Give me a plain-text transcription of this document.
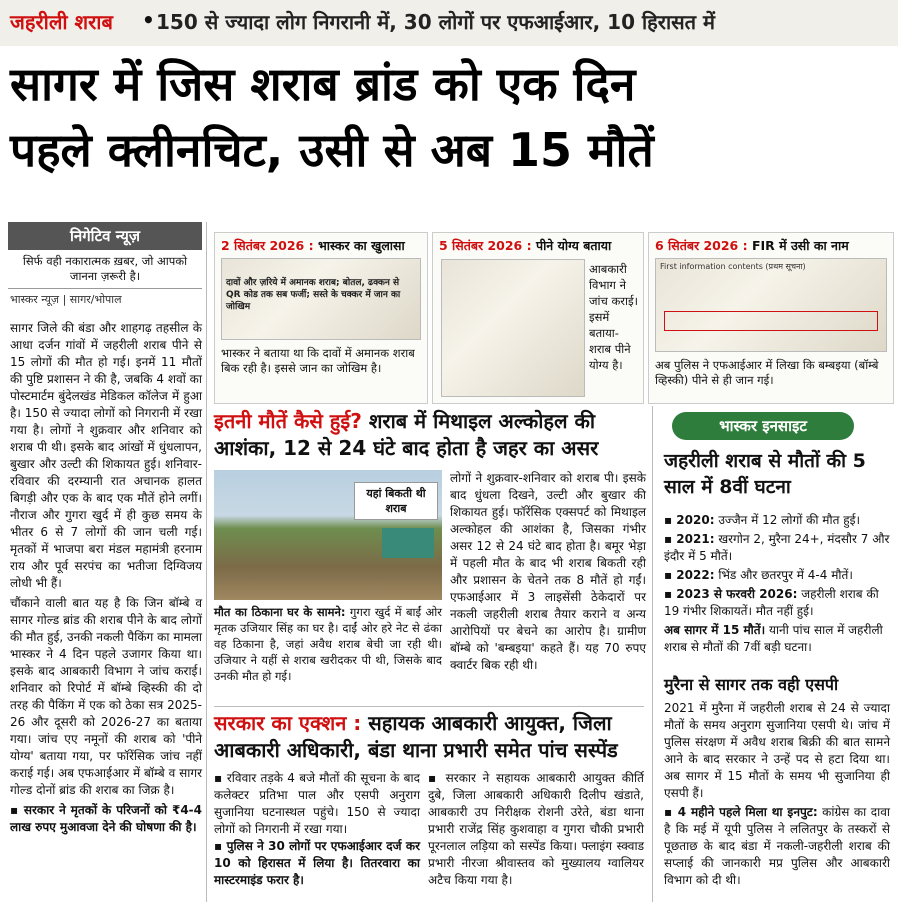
जहरीली शराब • 150 से ज्यादा लोग निगरानी में, 30 लोगों पर एफआईआर, 10 हिरासत में
सागर में जिस शराब ब्रांड को एक दिन
पहले क्लीनचिट, उसी से अब 15 मौतें
निगेटिव न्यूज़
सिर्फ वही नकारात्मक ख़बर, जो आपको जानना ज़रूरी है।
भास्कर न्यूज़ | सागर/भोपाल

सागर जिले की बंडा और शाहगढ़ तहसील के आधा दर्जन गांवों में जहरीली शराब पीने से 15 लोगों की मौत हो गई। इनमें 11 मौतों की पुष्टि प्रशासन ने की है, जबकि 4 शवों का पोस्टमार्टम बुंदेलखंड मेडिकल कॉलेज में हुआ है। 150 से ज्यादा लोगों को निगरानी में रखा गया है। लोगों ने शुक्रवार और शनिवार को शराब पी थी। इसके बाद आंखों में धुंधलापन, बुखार और उल्टी की शिकायत हुई। शनिवार-रविवार की दरम्यानी रात अचानक हालत बिगड़ी और एक के बाद एक मौतें होने लगीं। नौराज और गुगरा खुर्द में ही कुछ समय के भीतर 6 से 7 लोगों की जान चली गई। मृतकों में भाजपा बरा मंडल महामंत्री हरनाम राय और पूर्व सरपंच का भतीजा दिग्विजय लोधी भी हैं।

चौंकाने वाली बात यह है कि जिन बॉम्बे व सागर गोल्ड ब्रांड की शराब पीने के बाद लोगों की मौत हुई, उनकी नकली पैकिंग का मामला भास्कर ने 4 दिन पहले उजागर किया था। इसके बाद आबकारी विभाग ने जांच कराई। शनिवार को रिपोर्ट में बॉम्बे व्हिस्की की दो तरह की पैकिंग में एक को ठेका सत्र 2025-26 और दूसरी को 2026-27 का बताया गया। जांच एए नमूनों की शराब को 'पीने योग्य' बताया गया, पर फॉरेंसिक जांच नहीं कराई गई। अब एफआईआर में बॉम्बे व सागर गोल्ड दोनों ब्रांड की शराब का जिक्र है।

▪ सरकार ने मृतकों के परिजनों को ₹4-4 लाख रुपए मुआवजा देने की घोषणा की है।

2 सितंबर 2026 : भास्कर का खुलासा
दावों और ज़रिये में अमानक शराब; बोतल, ढक्कन से QR कोड तक सब फर्जी; सस्ते के चक्कर में जान का जोखिम
भास्कर ने बताया था कि दावों में अमानक शराब बिक रही है। इससे जान का जोखिम है।
5 सितंबर 2026 : पीने योग्य बताया
आबकारी विभाग ने जांच कराई। इसमें बताया- शराब पीने योग्य है।
6 सितंबर 2026 : FIR में उसी का नाम
First information contents (प्रथम सूचना)
अब पुलिस ने एफआईआर में लिखा कि बम्बइया (बॉम्बे व्हिस्की) पीने से ही जान गई।
इतनी मौतें कैसे हुई? शराब में मिथाइल अल्कोहल की आशंका, 12 से 24 घंटे बाद होता है जहर का असर
यहां बिकती थी शराब
मौत का ठिकाना घर के सामने: गुगरा खुर्द में बाईं ओर मृतक उजियार सिंह का घर है। दाईं ओर हरे नेट से ढंका वह ठिकाना है, जहां अवैध शराब बेची जा रही थी। उजियार ने यहीं से शराब खरीदकर पी थी, जिसके बाद उनकी मौत हो गई।
लोगों ने शुक्रवार-शनिवार को शराब पी। इसके बाद धुंधला दिखने, उल्टी और बुखार की शिकायत हुई। फॉरेंसिक एक्सपर्ट को मिथाइल अल्कोहल की आशंका है, जिसका गंभीर असर 12 से 24 घंटे बाद होता है। बमूर भेड़ा में पहली मौत के बाद भी शराब बिकती रही और प्रशासन के चेतने तक 8 मौतें हो गईं। एफआईआर में 3 लाइसेंसी ठेकेदारों पर नकली जहरीली शराब तैयार कराने व अन्य आरोपियों पर बेचने का आरोप है। ग्रामीण बॉम्बे को 'बम्बइया' कहते हैं। यह 70 रुपए क्वार्टर बिक रही थी।
सरकार का एक्शन : सहायक आबकारी आयुक्त, जिला आबकारी अधिकारी, बंडा थाना प्रभारी समेत पांच सस्पेंड

▪ रविवार तड़के 4 बजे मौतों की सूचना के बाद कलेक्टर प्रतिभा पाल और एसपी अनुराग सुजानिया घटनास्थल पहुंचे। 150 से ज्यादा लोगों को निगरानी में रखा गया।

▪ पुलिस ने 30 लोगों पर एफआईआर दर्ज कर 10 को हिरासत में लिया है। तितरवारा का मास्टरमाइंड फरार है।

▪ सरकार ने सहायक आबकारी आयुक्त कीर्ति दुबे, जिला आबकारी अधिकारी दिलीप खंडाते, आबकारी उप निरीक्षक रोशनी उरेते, बंडा थाना प्रभारी राजेंद्र सिंह कुशवाहा व गुगरा चौकी प्रभारी पूरनलाल लड़िया को सस्पेंड किया। फ्लाइंग स्क्वाड प्रभारी नीरजा श्रीवास्तव को मुख्यालय ग्वालियर अटैच किया गया है।
भास्कर इनसाइट
जहरीली शराब से मौतों की 5 साल में 8वीं घटना
▪ 2020: उज्जैन में 12 लोगों की मौत हुई।
▪ 2021: खरगोन 2, मुरैना 24+, मंदसौर 7 और इंदौर में 5 मौतें।
▪ 2022: भिंड और छतरपुर में 4-4 मौतें।
▪ 2023 से फरवरी 2026: जहरीली शराब की 19 गंभीर शिकायतें। मौत नहीं हुई।
अब सागर में 15 मौतें। यानी पांच साल में जहरीली शराब से मौतों की 7वीं बड़ी घटना।
मुरैना से सागर तक वही एसपी
2021 में मुरैना में जहरीली शराब से 24 से ज्यादा मौतों के समय अनुराग सुजानिया एसपी थे। जांच में पुलिस संरक्षण में अवैध शराब बिक्री की बात सामने आने के बाद सरकार ने उन्हें पद से हटा दिया था। अब सागर में 15 मौतों के समय भी सुजानिया ही एसपी हैं।
▪ 4 महीने पहले मिला था इनपुट: कांग्रेस का दावा है कि मई में यूपी पुलिस ने ललितपुर के तस्करों से पूछताछ के बाद बंडा में नकली-जहरीली शराब की सप्लाई की जानकारी मप्र पुलिस और आबकारी विभाग को दी थी।
